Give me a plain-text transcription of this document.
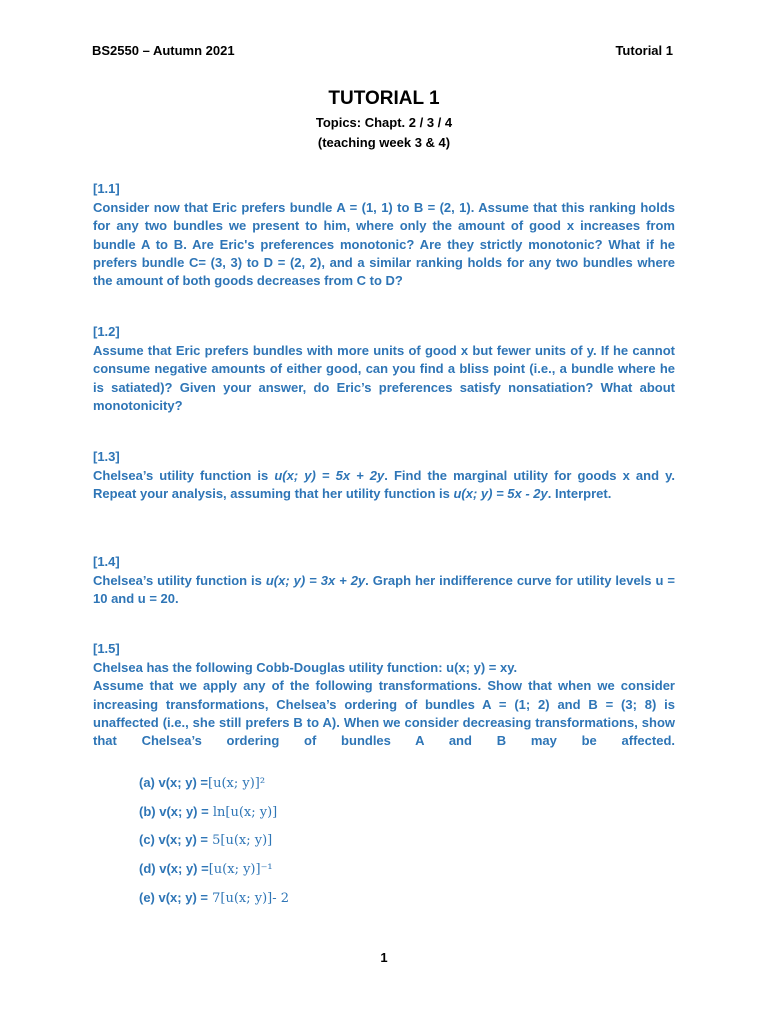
BS2550 – Autumn 2021	Tutorial 1
TUTORIAL 1
Topics: Chapt. 2 / 3 / 4
(teaching week 3 & 4)

[1.1]

Consider now that Eric prefers bundle A = (1, 1) to B = (2, 1). Assume that this ranking holds for any two bundles we present to him, where only the amount of good x increases from bundle A to B. Are Eric's preferences monotonic? Are they strictly monotonic? What if he prefers bundle C= (3, 3) to D = (2, 2), and a similar ranking holds for any two bundles where the amount of both goods decreases from C to D?

[1.2]

Assume that Eric prefers bundles with more units of good x but fewer units of y. If he cannot consume negative amounts of either good, can you find a bliss point (i.e., a bundle where he is satiated)? Given your answer, do Eric’s preferences satisfy nonsatiation? What about monotonicity?

[1.3]

Chelsea’s utility function is u(x; y) = 5x + 2y. Find the marginal utility for goods x and y. Repeat your analysis, assuming that her utility function is u(x; y) = 5x - 2y. Interpret.

[1.4]

Chelsea’s utility function is u(x; y) = 3x + 2y. Graph her indifference curve for utility levels u = 10 and u = 20.

[1.5]

Chelsea has the following Cobb-Douglas utility function: u(x; y) = xy.

Assume that we apply any of the following transformations. Show that when we consider increasing transformations, Chelsea’s ordering of bundles A = (1; 2) and B = (3; 8) is unaffected (i.e., she still prefers B to A). When we consider decreasing transformations, show that Chelsea’s ordering of bundles A and B may be affected.

(a) v(x; y) =[u(x; y)]²
(b) v(x; y) = ln[u(x; y)]
(c) v(x; y) = 5[u(x; y)]
(d) v(x; y) =[u(x; y)]⁻¹
(e) v(x; y) = 7[u(x; y)]- 2
1
